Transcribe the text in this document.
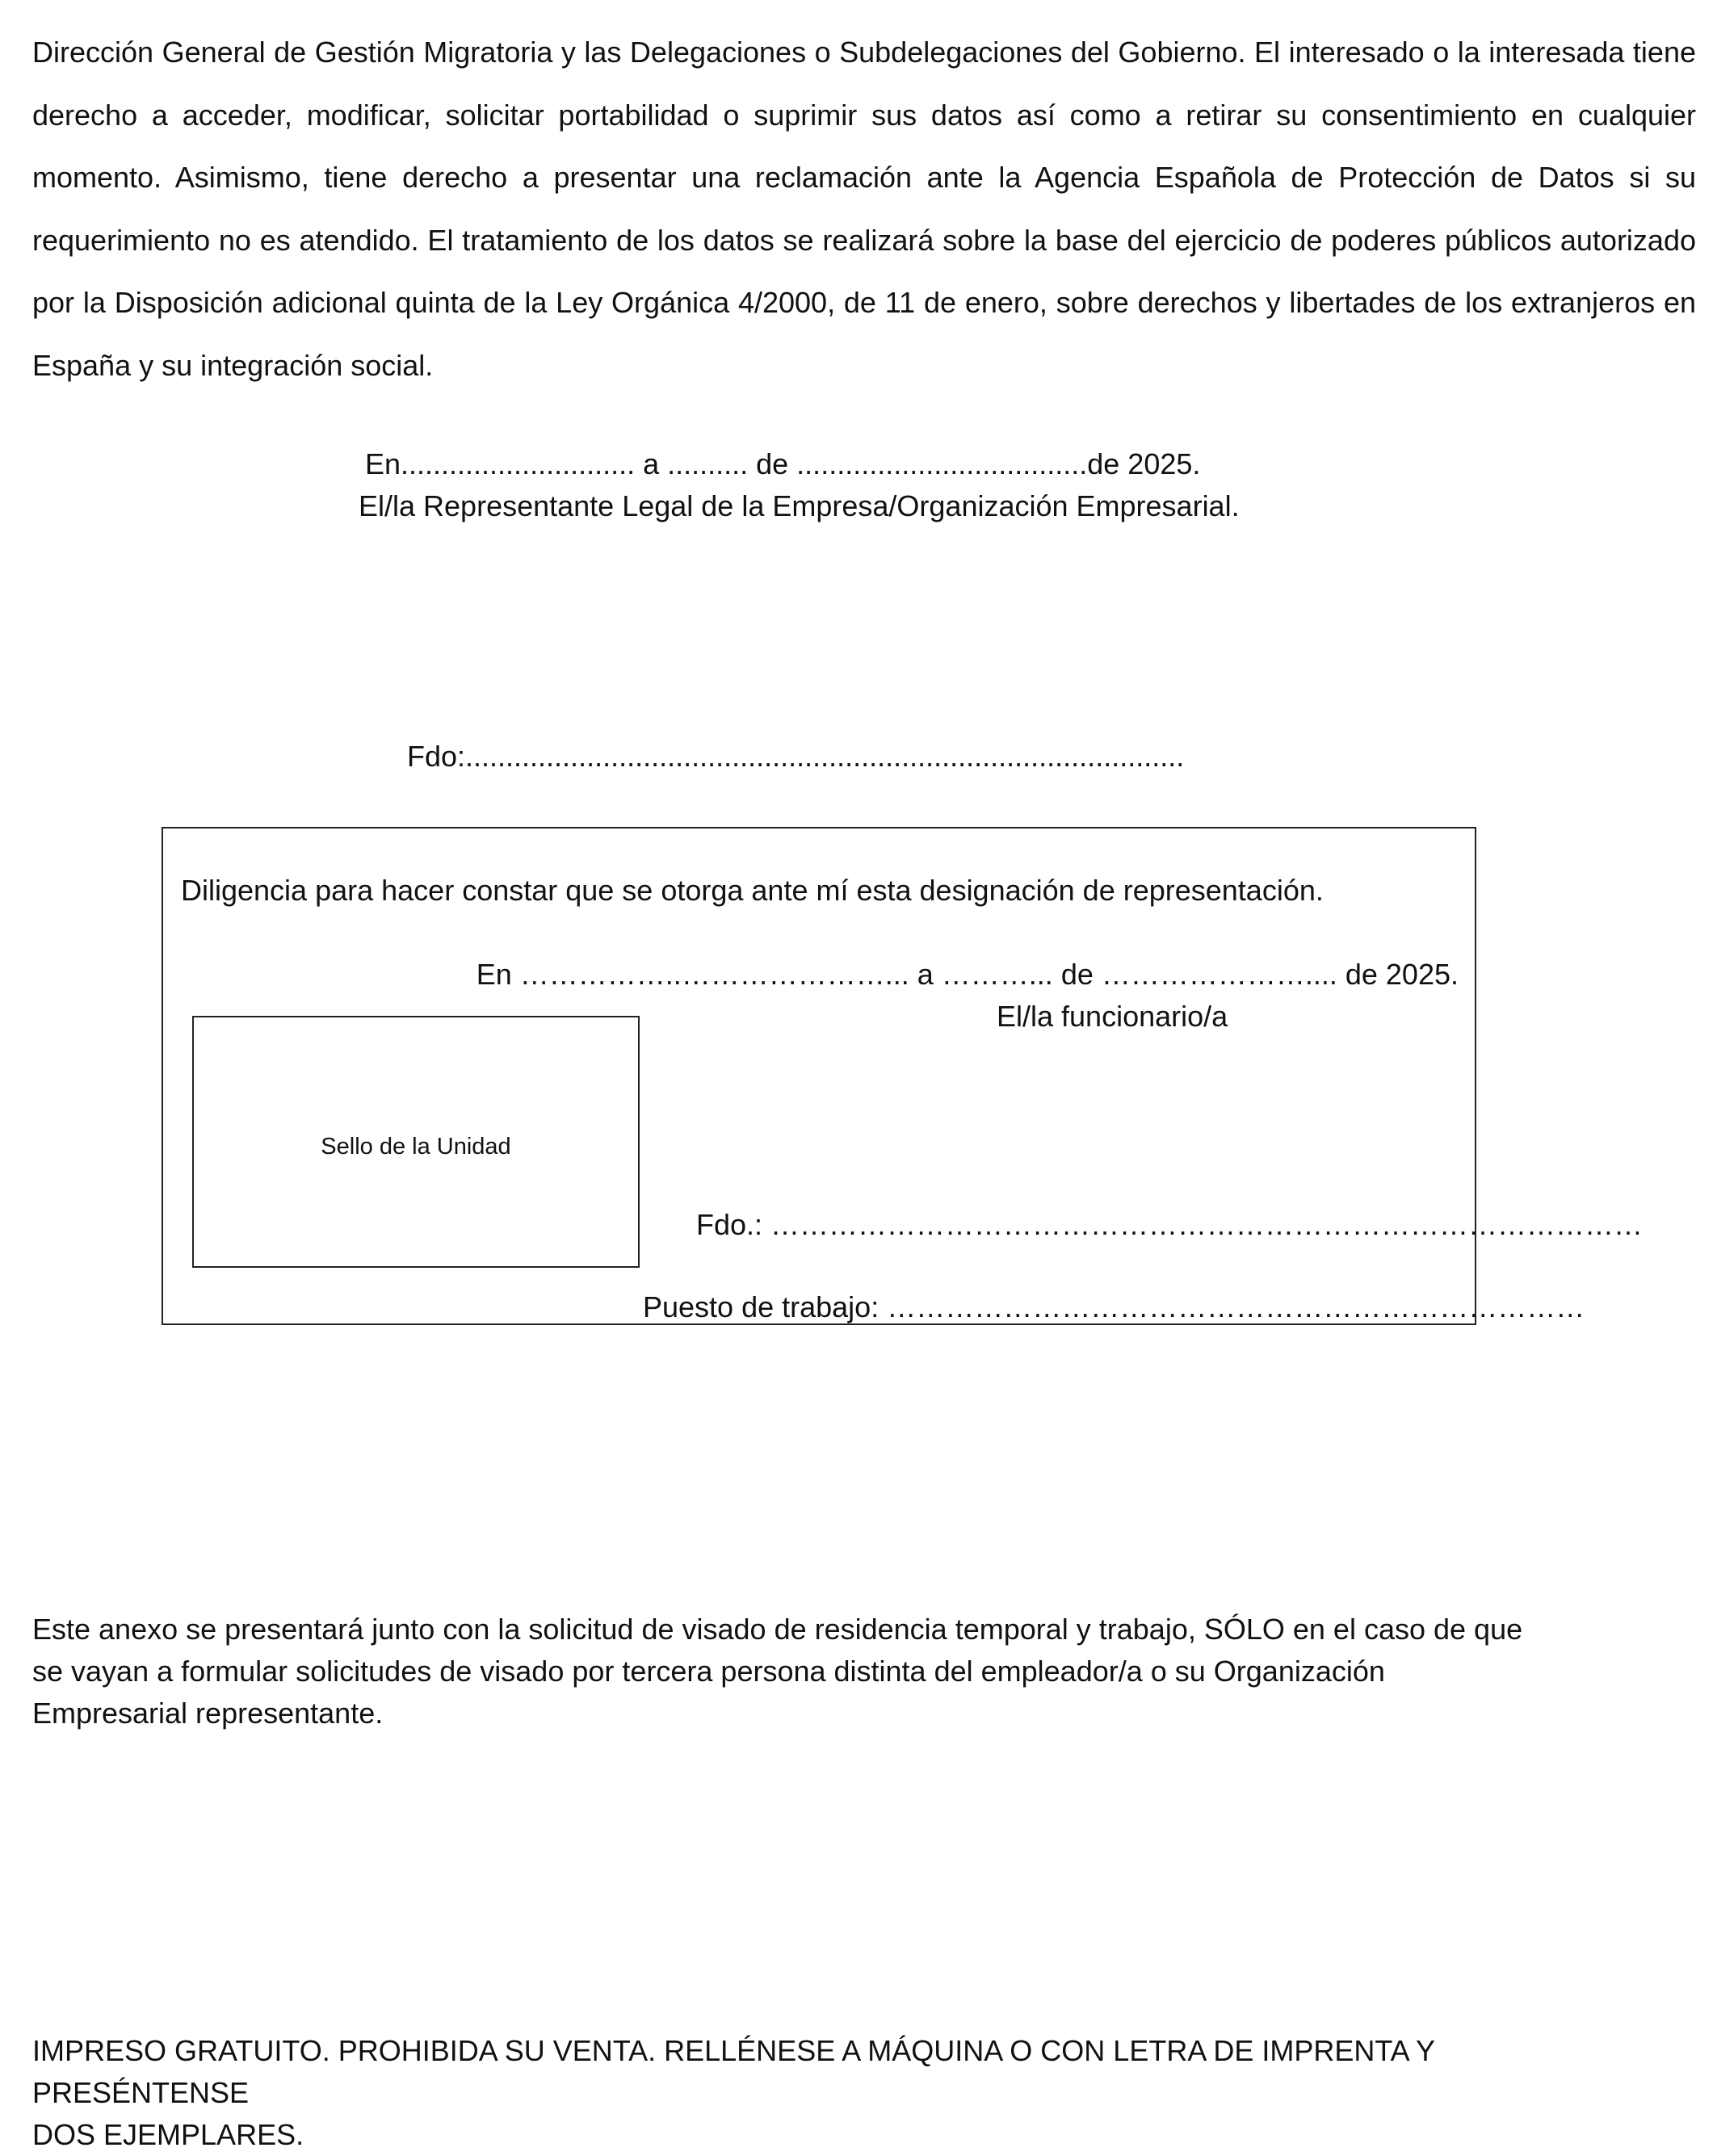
Dirección General de Gestión Migratoria y las Delegaciones o Subdelegaciones del Gobierno. El interesado o la interesada tiene derecho a acceder, modificar, solicitar portabilidad o suprimir sus datos así como a retirar su consentimiento en cualquier momento. Asimismo, tiene derecho a presentar una reclamación ante la Agencia Española de Protección de Datos si su requerimiento no es atendido. El tratamiento de los datos se realizará sobre la base del ejercicio de poderes públicos autorizado por la Disposición adicional quinta de la Ley Orgánica 4/2000, de 11 de enero, sobre derechos y libertades de los extranjeros en España y su integración social.

En............................. a .......... de ....................................de 2025.
El/la Representante Legal de la Empresa/Organización Empresarial.
Fdo:.........................................................................................
Diligencia para hacer constar que se otorga ante mí esta designación de representación.
En ……………..…………………... a ………... de ………………….... de 2025.
El/la funcionario/a
Sello de la Unidad
Fdo.: ………………………………………………………………………………
Puesto de trabajo: ………………………………………………………………

Este anexo se presentará junto con la solicitud de visado de residencia temporal y trabajo, SÓLO en el caso de que
se vayan a formular solicitudes de visado por tercera persona distinta del empleador/a o su Organización
Empresarial representante.

IMPRESO GRATUITO. PROHIBIDA SU VENTA. RELLÉNESE A MÁQUINA O CON LETRA DE IMPRENTA Y PRESÉNTENSE
DOS EJEMPLARES.
